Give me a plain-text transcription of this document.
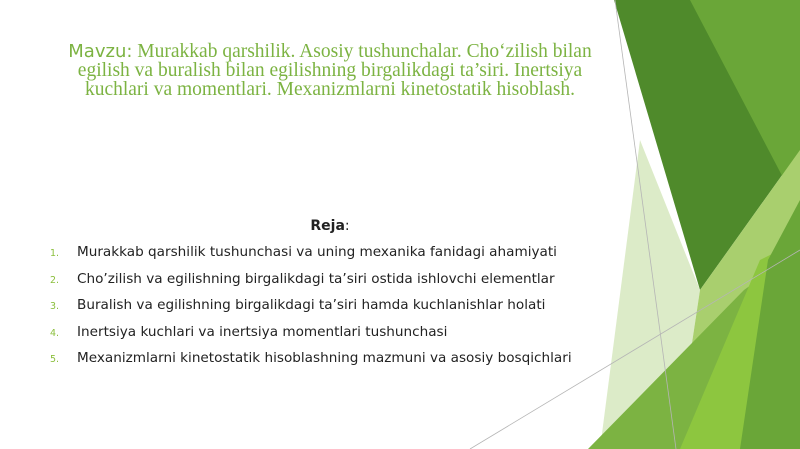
Mavzu: Murakkab qarshilik. Asosiy tushunchalar. Cho‘zilish bilan egilish va buralish bilan egilishning birgalikdagi ta’siri. Inertsiya kuchlari va momentlari. Mexanizmlarni kinetostatik hisoblash.
Reja:
1.	Murakkab qarshilik tushunchasi va uning mexanika fanidagi ahamiyati
2.	Cho’zilish va egilishning birgalikdagi ta’siri ostida ishlovchi elementlar
3.	Buralish va egilishning birgalikdagi ta’siri hamda kuchlanishlar holati
4.	Inertsiya kuchlari va inertsiya momentlari tushunchasi
5.	Mexanizmlarni kinetostatik hisoblashning mazmuni va asosiy bosqichlari
